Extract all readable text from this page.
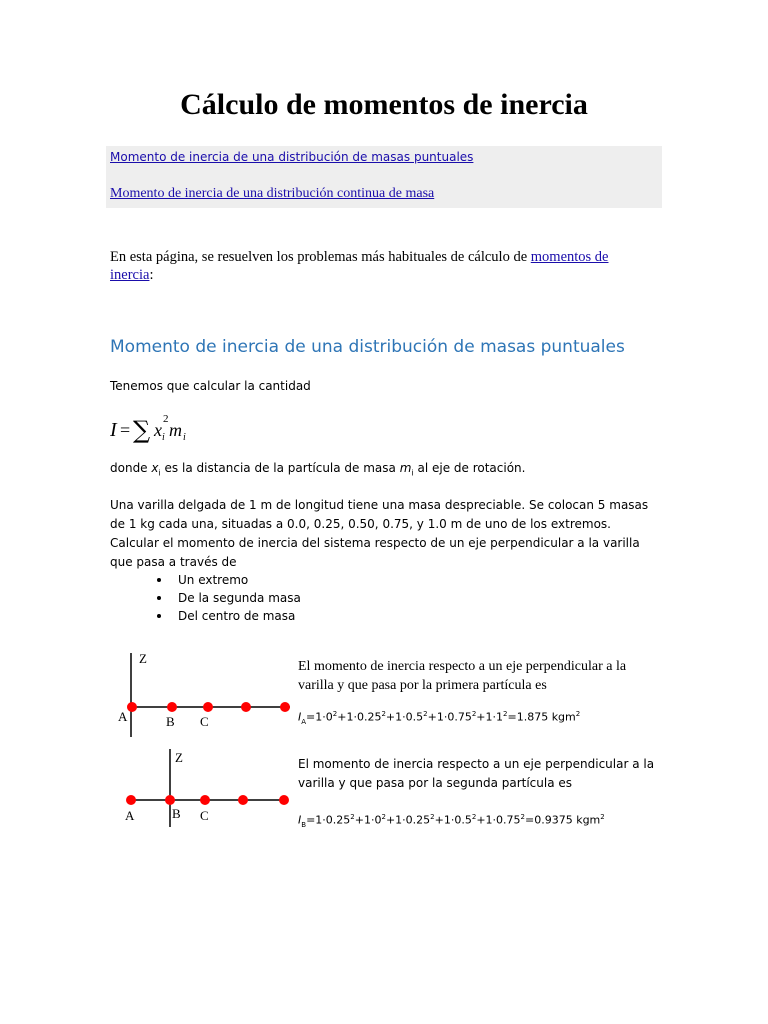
Cálculo de momentos de inercia
Momento de inercia de una distribución de masas puntuales
Momento de inercia de una distribución continua de masa
En esta página, se resuelven los problemas más habituales de cálculo de momentos de inercia:
Momento de inercia de una distribución de masas puntuales
Tenemos que calcular la cantidad
I = ∑ x
2
i m i
donde $x_i$ es la distancia de la partícula de masa $m_i$ al eje de rotación.
Una varilla delgada de 1 m de longitud tiene una masa despreciable. Se colocan 5 masas de 1 kg cada una, situadas a 0.0, 0.25, 0.50, 0.75, y 1.0 m de uno de los extremos. Calcular el momento de inercia del sistema respecto de un eje perpendicular a la varilla que pasa a través de
Un extremo
De la segunda masa
Del centro de masa
Z
A	B C
Z
A	B C
El momento de inercia respecto a un eje perpendicular a la varilla y que pasa por la primera partícula es
$I_A=1\cdot 0^2+1\cdot 0.25^2+1\cdot 0.5^2+1\cdot 0.75^2+1\cdot 1^2=1.875$ kgm$^2$
El momento de inercia respecto a un eje perpendicular a la varilla y que pasa por la segunda partícula es
$I_B=1\cdot 0.25^2+1\cdot 0^2+1\cdot 0.25^2+1\cdot 0.5^2+1\cdot 0.75^2=0.9375$ kgm$^2$
